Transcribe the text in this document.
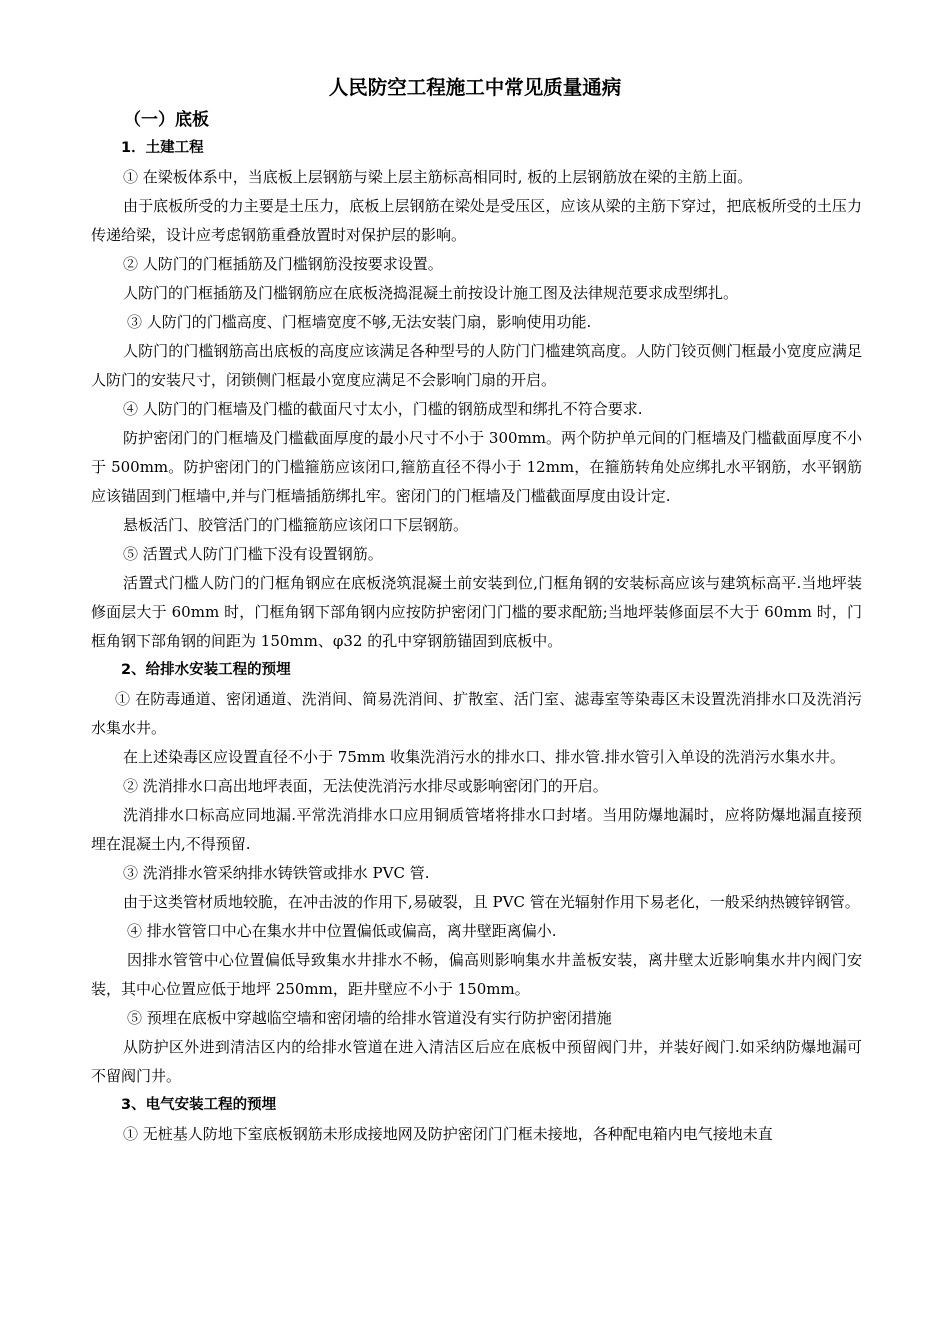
人民防空工程施工中常见质量通病
（一）底板

1．土建工程

① 在梁板体系中，当底板上层钢筋与梁上层主筋标高相同时, 板的上层钢筋放在梁的主筋上面。

由于底板所受的力主要是土压力，底板上层钢筋在梁处是受压区，应该从梁的主筋下穿过，把底板所受的土压力传递给梁，设计应考虑钢筋重叠放置时对保护层的影响。

② 人防门的门框插筋及门槛钢筋没按要求设置。

人防门的门框插筋及门槛钢筋应在底板浇捣混凝土前按设计施工图及法律规范要求成型绑扎。

③ 人防门的门槛高度、门框墙宽度不够,无法安装门扇，影响使用功能.

人防门的门槛钢筋高出底板的高度应该满足各种型号的人防门门槛建筑高度。人防门铰页侧门框最小宽度应满足人防门的安装尺寸，闭锁侧门框最小宽度应满足不会影响门扇的开启。

④ 人防门的门框墙及门槛的截面尺寸太小，门槛的钢筋成型和绑扎不符合要求.

防护密闭门的门框墙及门槛截面厚度的最小尺寸不小于 300mm。两个防护单元间的门框墙及门槛截面厚度不小于 500mm。防护密闭门的门槛箍筋应该闭口,箍筋直径不得小于 12mm，在箍筋转角处应绑扎水平钢筋，水平钢筋应该锚固到门框墙中,并与门框墙插筋绑扎牢。密闭门的门框墙及门槛截面厚度由设计定.

悬板活门、胶管活门的门槛箍筋应该闭口下层钢筋。

⑤ 活置式人防门门槛下没有设置钢筋。

活置式门槛人防门的门框角钢应在底板浇筑混凝土前安装到位,门框角钢的安装标高应该与建筑标高平.当地坪装修面层大于 60mm 时，门框角钢下部角钢内应按防护密闭门门槛的要求配筋;当地坪装修面层不大于 60mm 时，门框角钢下部角钢的间距为 150mm、φ32 的孔中穿钢筋锚固到底板中。

2、给排水安装工程的预埋

① 在防毒通道、密闭通道、洗消间、简易洗消间、扩散室、活门室、滤毒室等染毒区未设置洗消排水口及洗消污水集水井。

在上述染毒区应设置直径不小于 75mm 收集洗消污水的排水口、排水管.排水管引入单设的洗消污水集水井。

② 洗消排水口高出地坪表面，无法使洗消污水排尽或影响密闭门的开启。

洗消排水口标高应同地漏.平常洗消排水口应用铜质管堵将排水口封堵。当用防爆地漏时，应将防爆地漏直接预埋在混凝土内,不得预留.

③ 洗消排水管采纳排水铸铁管或排水 PVC 管.

由于这类管材质地较脆，在冲击波的作用下,易破裂，且 PVC 管在光辐射作用下易老化，一般采纳热镀锌钢管。

④ 排水管管口中心在集水井中位置偏低或偏高，离井壁距离偏小.

因排水管管中心位置偏低导致集水井排水不畅，偏高则影响集水井盖板安装，离井壁太近影响集水井内阀门安装，其中心位置应低于地坪 250mm，距井壁应不小于 150mm。

⑤ 预埋在底板中穿越临空墙和密闭墙的给排水管道没有实行防护密闭措施

从防护区外进到清洁区内的给排水管道在进入清洁区后应在底板中预留阀门井，并装好阀门.如采纳防爆地漏可不留阀门井。

3、电气安装工程的预埋

① 无桩基人防地下室底板钢筋未形成接地网及防护密闭门门框未接地，各种配电箱内电气接地未直
